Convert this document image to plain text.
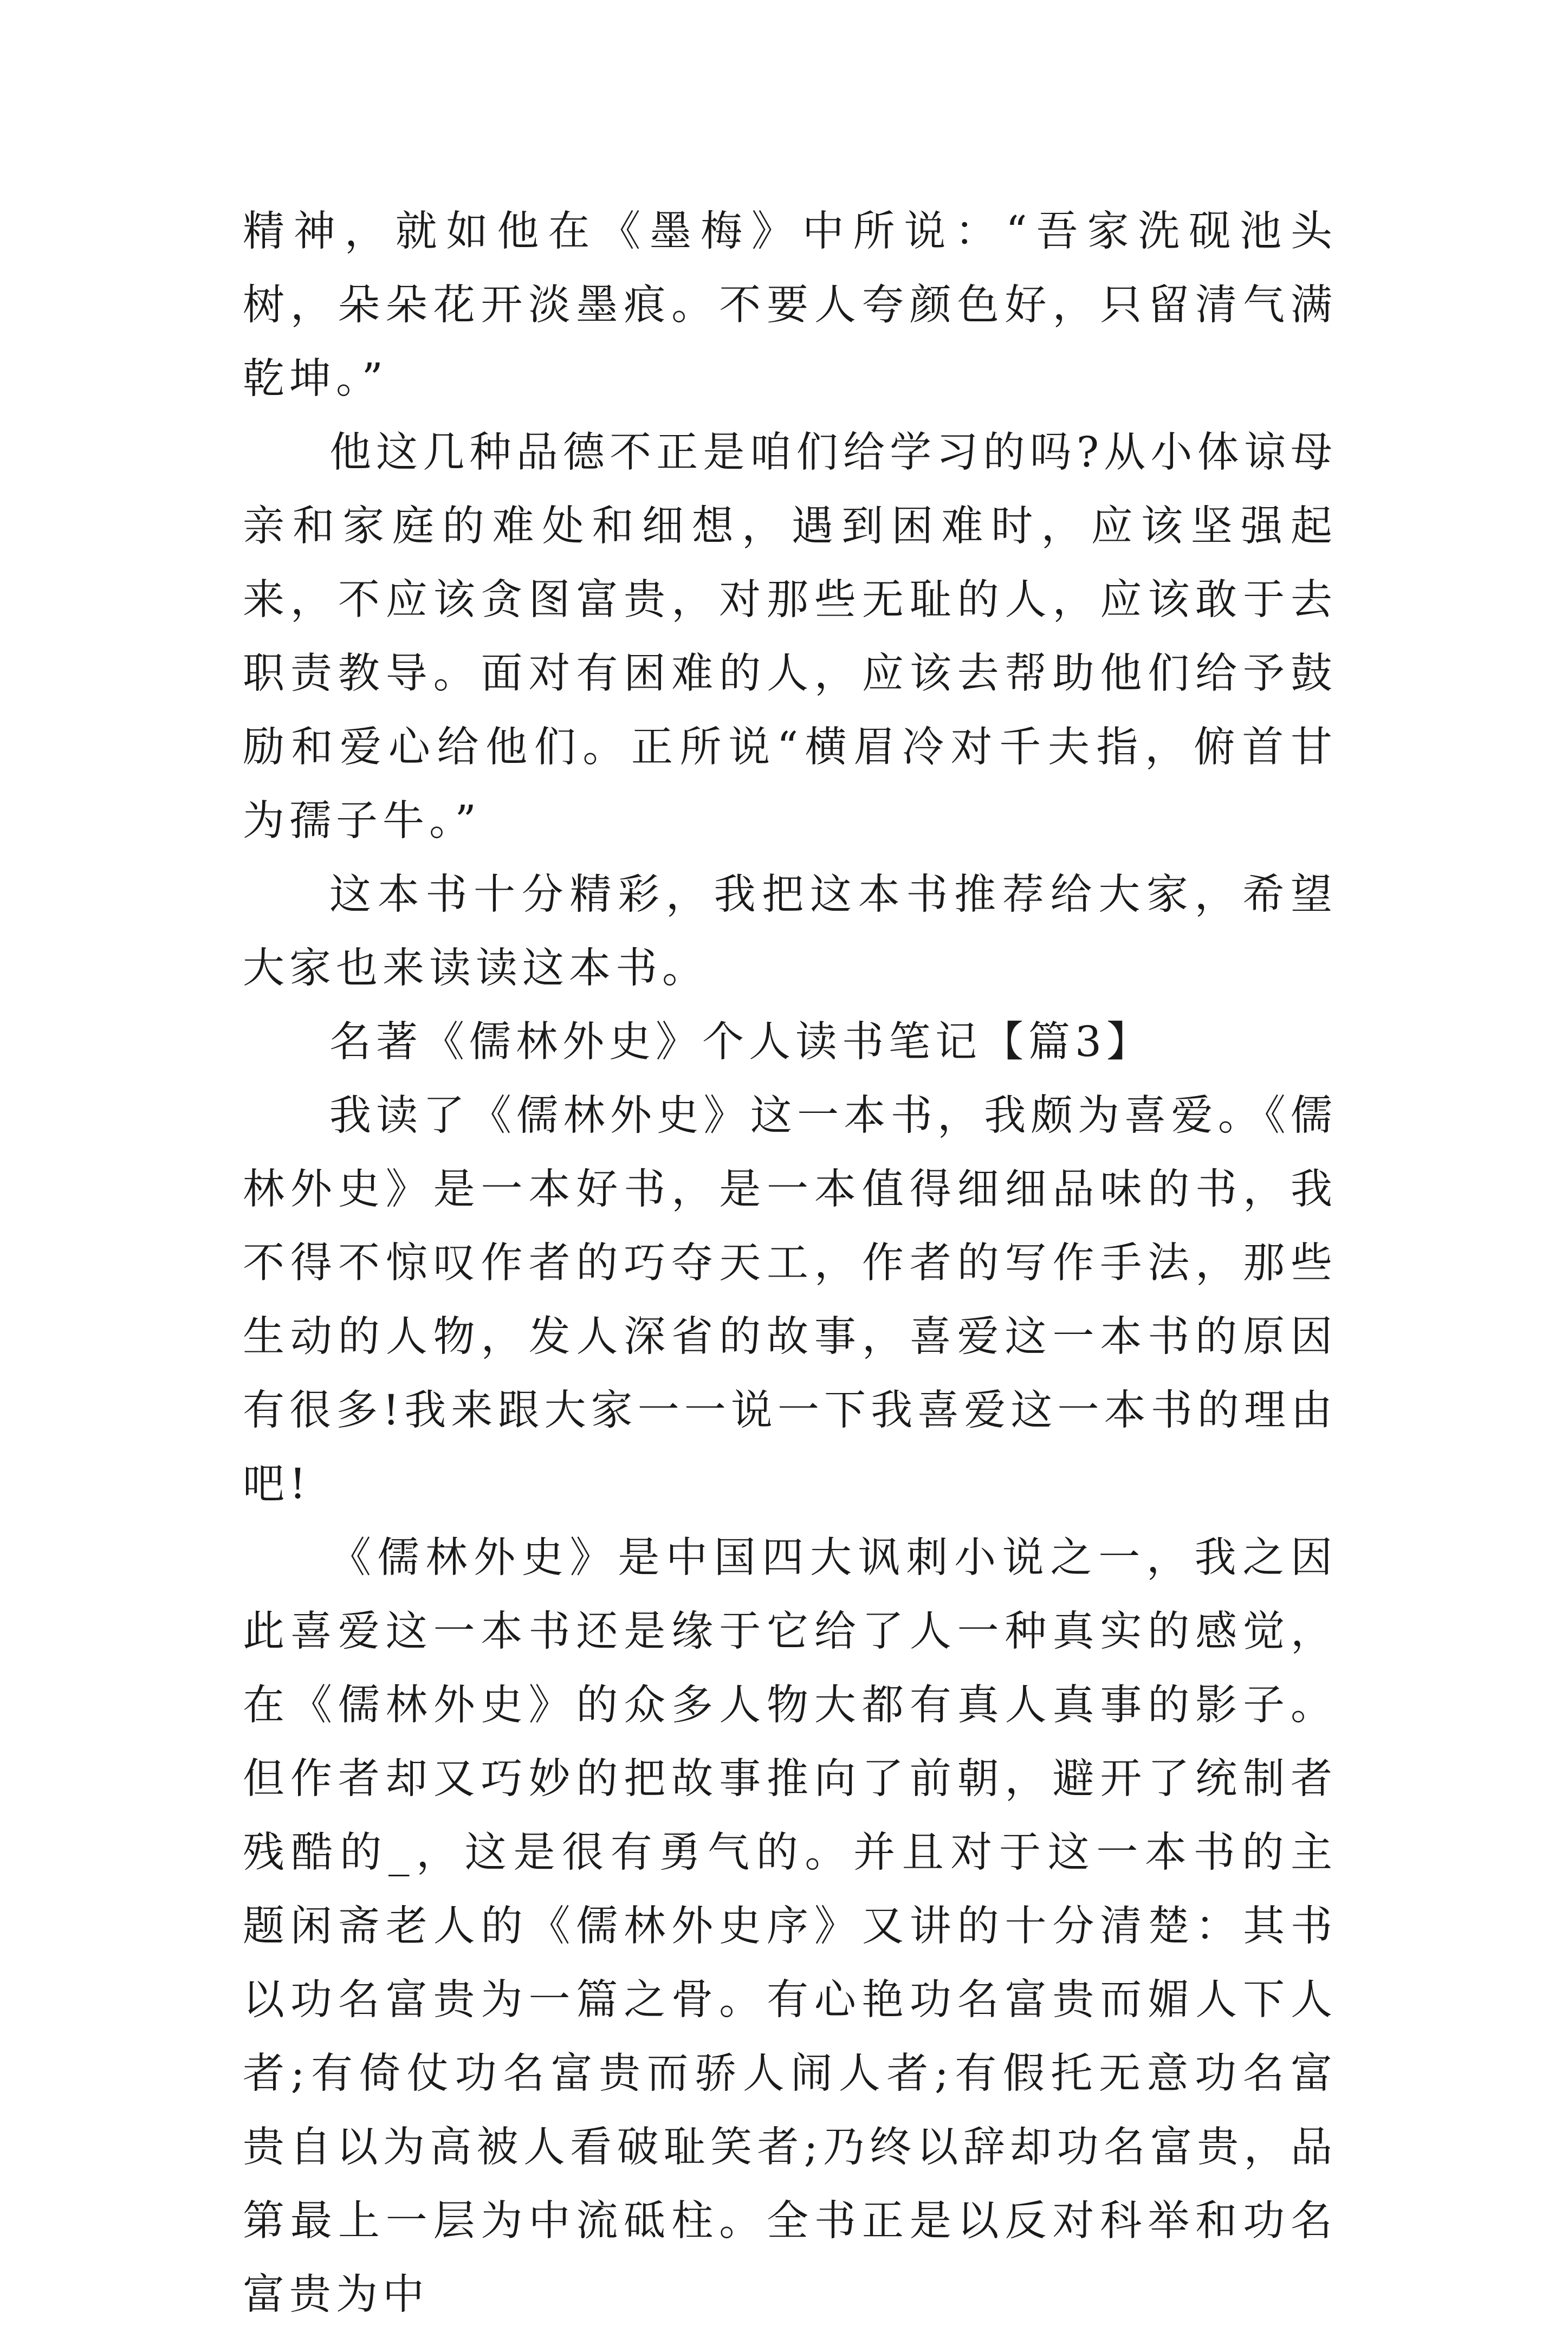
精神，就如他在《墨梅》中所说：“吾家洗砚池头树，朵朵花开淡墨痕。不要人夸颜色好，只留清气满乾坤。”

他这几种品德不正是咱们给学习的吗?从小体谅母亲和家庭的难处和细想，遇到困难时，应该坚强起来，不应该贪图富贵，对那些无耻的人，应该敢于去职责教导。面对有困难的人，应该去帮助他们给予鼓励和爱心给他们。正所说“横眉冷对千夫指，俯首甘为孺子牛。”

这本书十分精彩，我把这本书推荐给大家，希望大家也来读读这本书。

名著《儒林外史》个人读书笔记【篇3】

我读了《儒林外史》这一本书，我颇为喜爱。《儒林外史》是一本好书，是一本值得细细品味的书，我不得不惊叹作者的巧夺天工，作者的写作手法，那些生动的人物，发人深省的故事，喜爱这一本书的原因有很多!我来跟大家一一说一下我喜爱这一本书的理由吧!

《儒林外史》是中国四大讽刺小说之一，我之因此喜爱这一本书还是缘于它给了人一种真实的感觉，在《儒林外史》的众多人物大都有真人真事的影子。但作者却又巧妙的把故事推向了前朝，避开了统制者残酷的_，这是很有勇气的。并且对于这一本书的主题闲斋老人的《儒林外史序》又讲的十分清楚：其书以功名富贵为一篇之骨。有心艳功名富贵而媚人下人者;有倚仗功名富贵而骄人闹人者;有假托无意功名富贵自以为高被人看破耻笑者;乃终以辞却功名富贵，品第最上一层为中流砥柱。全书正是以反对科举和功名富贵为中
